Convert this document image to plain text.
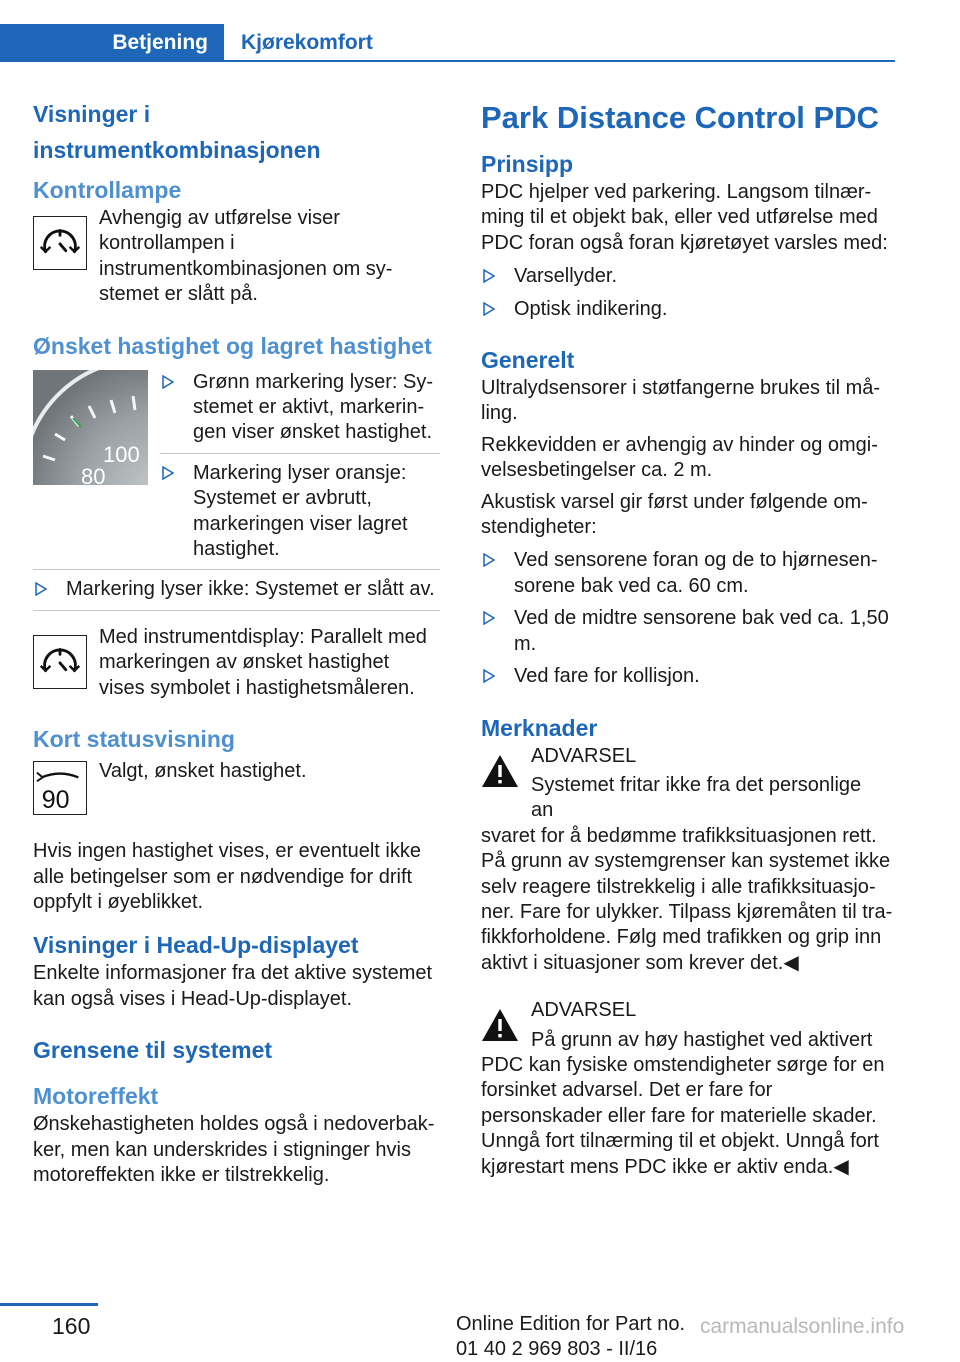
Betjening	Kjørekomfort
Visninger i instrumentkombinasjonen
Kontrollampe

Avhengig av utførelse viser kontrollampen i instrumentkombinasjonen om systemet er slått på.

Ønsket hastighet og lagret hastighet
100
80
Grønn markering lyser: Systemet er aktivt, markeringen viser ønsket hastighet.
Markering lyser oransje: Systemet er avbrutt, markeringen viser lagret hastighet.
Markering lyser ikke: Systemet er slått av.

Med instrumentdisplay: Parallelt med markeringen av ønsket hastighet vises symbolet i hastighetsmåleren.

Kort statusvisning
90

Valgt, ønsket hastighet.

Hvis ingen hastighet vises, er eventuelt ikke alle betingelser som er nødvendige for drift oppfylt i øyeblikket.

Visninger i Head-Up-displayet

Enkelte informasjoner fra det aktive systemet kan også vises i Head-Up-displayet.

Grensene til systemet
Motoreffekt

Ønskehastigheten holdes også i nedoverbakker, men kan underskrides i stigninger hvis motoreffekten ikke er tilstrekkelig.

Park Distance Control PDC
Prinsipp

PDC hjelper ved parkering. Langsom tilnærming til et objekt bak, eller ved utførelse med PDC foran også foran kjøretøyet varsles med:

Varsellyder.
Optisk indikering.
Generelt

Ultralydsensorer i støtfangerne brukes til måling.

Rekkevidden er avhengig av hinder og omgivelsesbetingelser ca. 2 m.

Akustisk varsel gir først under følgende omstendigheter:

Ved sensorene foran og de to hjørnesensorene bak ved ca. 60 cm.
Ved de midtre sensorene bak ved ca. 1,50 m.
Ved fare for kollisjon.
Merknader

ADVARSEL

Systemet fritar ikke fra det personlige an

svaret for å bedømme trafikksituasjonen rett. På grunn av systemgrenser kan systemet ikke selv reagere tilstrekkelig i alle trafikksituasjoner. Fare for ulykker. Tilpass kjøremåten til trafikkforholdene. Følg med trafikken og grip inn aktivt i situasjoner som krever det.◀

ADVARSEL

På grunn av høy hastighet ved aktivert

PDC kan fysiske omstendigheter sørge for en forsinket advarsel. Det er fare for personskader eller fare for materielle skader. Unngå fort tilnærming til et objekt. Unngå fort kjørestart mens PDC ikke er aktiv enda.◀

160	Online Edition for Part no. 01 40 2 969 803 - II/16
carmanualsonline.info
